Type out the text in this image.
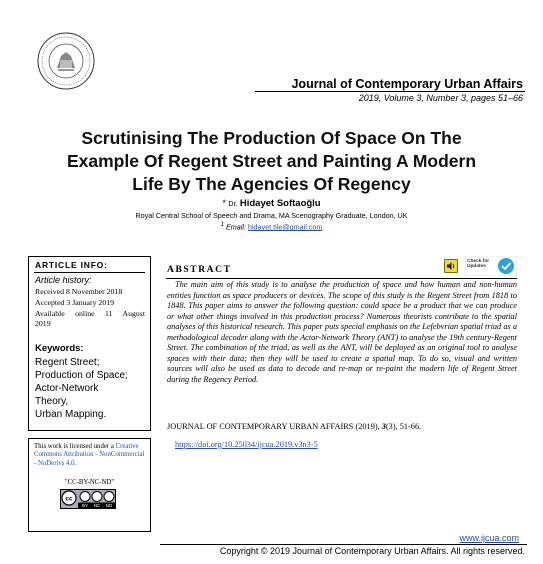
Journal of Contemporary Urban Affairs
2019, Volume 3, Number 3, pages 51–66
Scrutinising The Production Of Space On The
Example Of Regent Street and Painting A Modern
Life By The Agencies Of Regency
* Dr. Hidayet Softaoğlu
Royal Central School of Speech and Drama, MA Scenography Graduate, London, UK
$^1$ Email: hidayet.tile@gmail.com
ARTICLE INFO:
Article history:
Received 8 November 2018
Accepted 3 January 2019
Available online 11 August
2019
Keywords:
Regent Street;
Production of Space;
Actor-Network
Theory,
Urban Mapping.
This work is licensed under a Creative Commons Attribution - NonCommercial - NoDerivs 4.0.
"CC-BY-NC-ND"
cc
BY NC ND
ABSTRACT
Check for
Updates
The main aim of this study is to analyse the production of space and how human and non-human entities function as space producers or devices. The scope of this study is the Regent Street from 1818 to 1848. This paper aims to answer the following question: could space be a product that we can produce or what other things involved in this production process? Numerous theorists contribute to the spatial analyses of this historical research. This paper puts special emphasis on the Lefebvrian spatial triad as a methodological decoder along with the Actor-Network Theory (ANT) to analyse the 19th century-Regent Street. The combination of the triad, as well as the ANT, will be deployed as an original tool to analyse spaces with their data; then they will be used to create a spatial map. To do so, visual and written sources will also be used as data to decode and re-map or re-paint the modern life of Regent Street during the Regency Period.
JOURNAL OF CONTEMPORARY URBAN AFFAIRS (2019), 3(3), 51-66.
https://doi.org/10.25034/ijcua.2019.v3n3-5
www.ijcua.com
Copyright © 2019 Journal of Contemporary Urban Affairs. All rights reserved.
